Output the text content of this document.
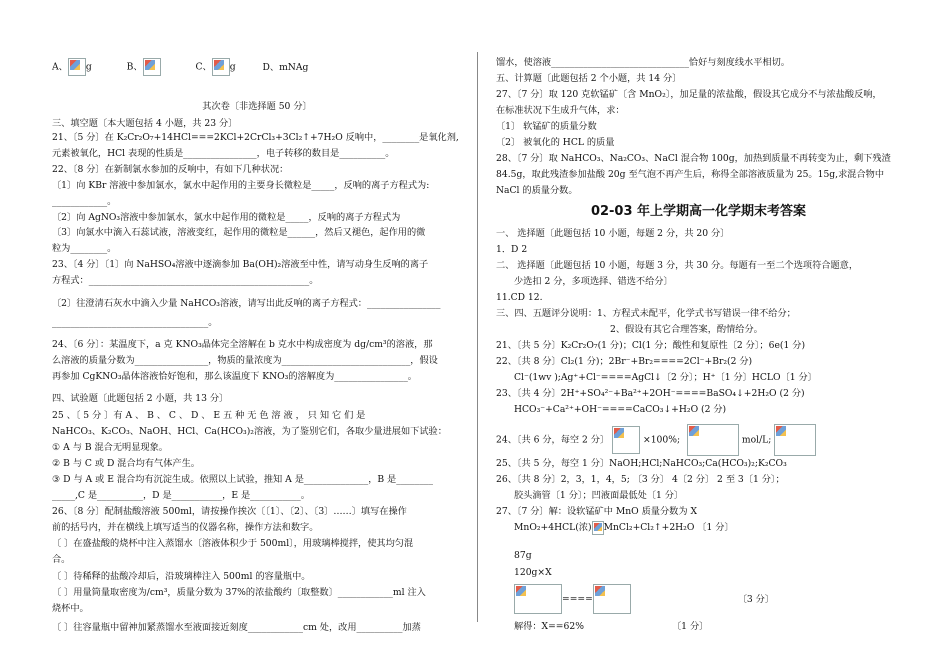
A、 g	B、	C、 g	D、mNAg
其次卷〔非选择题 50 分〕
三、填空题〔本大题包括 4 小题，共 23 分〕
21、〔5 分〕在 K₂Cr₂O₇+14HCl===2KCl+2CrCl₃+3Cl₂↑+7H₂O 反响中，________是氧化剂,
元素被氧化，HCl 表现的性质是________________，电子转移的数目是__________。
22、〔8 分〕在新制氯水参加的反响中，有如下几种状况：
〔1〕向 KBr 溶液中参加氯水，氯水中起作用的主要身长微粒是_____，反响的离子方程式为:
____________。
〔2〕向 AgNO₃溶液中参加氯水，氯水中起作用的微粒是_____，反响的离子方程式为
〔3〕向氯水中滴入石蕊试液，溶液变红，起作用的微粒是______，然后又褪色，起作用的微
粒为________。
23、〔4 分〕〔1〕向 NaHSO₄溶液中逐滴参加 Ba(OH)₂溶液至中性，请写动身生反响的离子
方程式：________________________________________________。
〔2〕往澄清石灰水中滴入少量 NaHCO₃溶液，请写出此反响的离子方程式：________________
__________________________________。
24、〔6 分〕：某温度下，a 克 KNO₃晶体完全溶解在 b 克水中构成密度为 dg/cm³的溶液，那
么溶液的质量分数为________________，物质的量浓度为____________________________，假设
再参加 CgKNO₃晶体溶液恰好饱和，那么该温度下 KNO₃的溶解度为________________。
四、试验题〔此题包括 2 小题，共 13 分〕
25 、〔 5 分 〕有 A 、 B 、 C 、 D 、 E 五 种 无 色 溶 液 ， 只 知 它 们 是
NaHCO₃、K₂CO₃、NaOH、HCl、Ca(HCO₃)₂溶液，为了鉴别它们，各取少量进展如下试验：
① A 与 B 混合无明显现象。
② B 与 C 或 D 混合均有气体产生。
③ D 与 A 或 E 混合均有沉淀生成。依照以上试验，推知 A 是______________，B 是________
_____,C 是__________，D 是___________，E 是___________。
26、〔8 分〕配制盐酸溶液 500ml，请按操作挨次〔〔1〕、〔2〕、〔3〕……〕填写在操作
前的括号内，并在横线上填写适当的仪器名称，操作方法和数字。
〔 〕在盛盐酸的烧杯中注入蒸馏水〔溶液体积少于 500ml〕，用玻璃棒搅拌，使其均匀混
合。
〔 〕待稀释的盐酸冷却后，沿玻璃棒注入 500ml 的容量瓶中。
〔 〕用量筒量取密度为/cm³，质量分数为 37%的浓盐酸约〔取整数〕____________ml 注入
烧杯中。
〔 〕往容量瓶中留神加紧蒸馏水至液面接近刻度____________cm 处，改用__________加蒸
馏水，使溶液______________________________恰好与刻度线水平相切。
五、计算题〔此题包括 2 个小题，共 14 分〕
27、〔7 分〕取 120 克软锰矿〔含 MnO₂〕，加足量的浓盐酸，假设其它成分不与浓盐酸反响，
在标准状况下生成升气体，求：
〔1〕 软锰矿的质量分数
〔2〕 被氧化的 HCL 的质量
28、〔7 分〕取 NaHCO₃、Na₂CO₃、NaCl 混合物 100g，加热到质量不再转变为止，剩下残渣
84.5g，取此残渣参加盐酸 20g 至气泡不再产生后，称得全部溶液质量为 25。15g,求混合物中
NaCl 的质量分数。
02-03 年上学期高一化学期末考答案
一、 选择题〔此题包括 10 小题，每题 2 分，共 20 分〕
1．D 2
二、 选择题〔此题包括 10 小题，每题 3 分，共 30 分。每题有一至二个选项符合题意，
少选扣 2 分，多项选择、错选不给分〕
11.CD 12.
三、四、五题评分说明：1、方程式未配平，化学式书写错误一律不给分；
2、假设有其它合理答案，酌情给分。
21、〔共 5 分〕K₂Cr₂O₇(1 分)；Cl(1 分；酸性和复原性〔2 分〕；6e(1 分)
22、〔共 8 分〕Cl₂(1 分)；2Br⁻+Br₂====2Cl⁻+Br₂(2 分)
Cl⁻(1wv );Ag⁺+Cl⁻====AgCl↓〔2 分〕；H⁺〔1 分〕HCLO〔1 分〕
23、〔共 4 分〕2H⁺+SO₄²⁻+Ba²⁺+2OH⁻====BaSO₄↓+2H₂O (2 分)
HCO₃⁻+Ca²⁺+OH⁻====CaCO₃↓+H₂O (2 分)
24、〔共 6 分，每空 2 分〕	×100%;	mol/L;
25、〔共 5 分，每空 1 分〕NaOH;HCl;NaHCO₃;Ca(HCO₃)₂;K₂CO₃
26、〔共 8 分〕2，3，1，4，5; 〔3 分〕 4〔2 分〕 2 至 3〔1 分〕；
胶头滴管〔1 分〕；凹液面最低处〔1 分〕
27、〔7 分〕解：设软锰矿中 MnO 质量分数为 X
MnO₂+4HCL(浓) MnCl₂+Cl₂↑+2H₂O 〔1 分〕
87g
120g×X
====	〔3 分〕
解得：X==62%	〔1 分〕
